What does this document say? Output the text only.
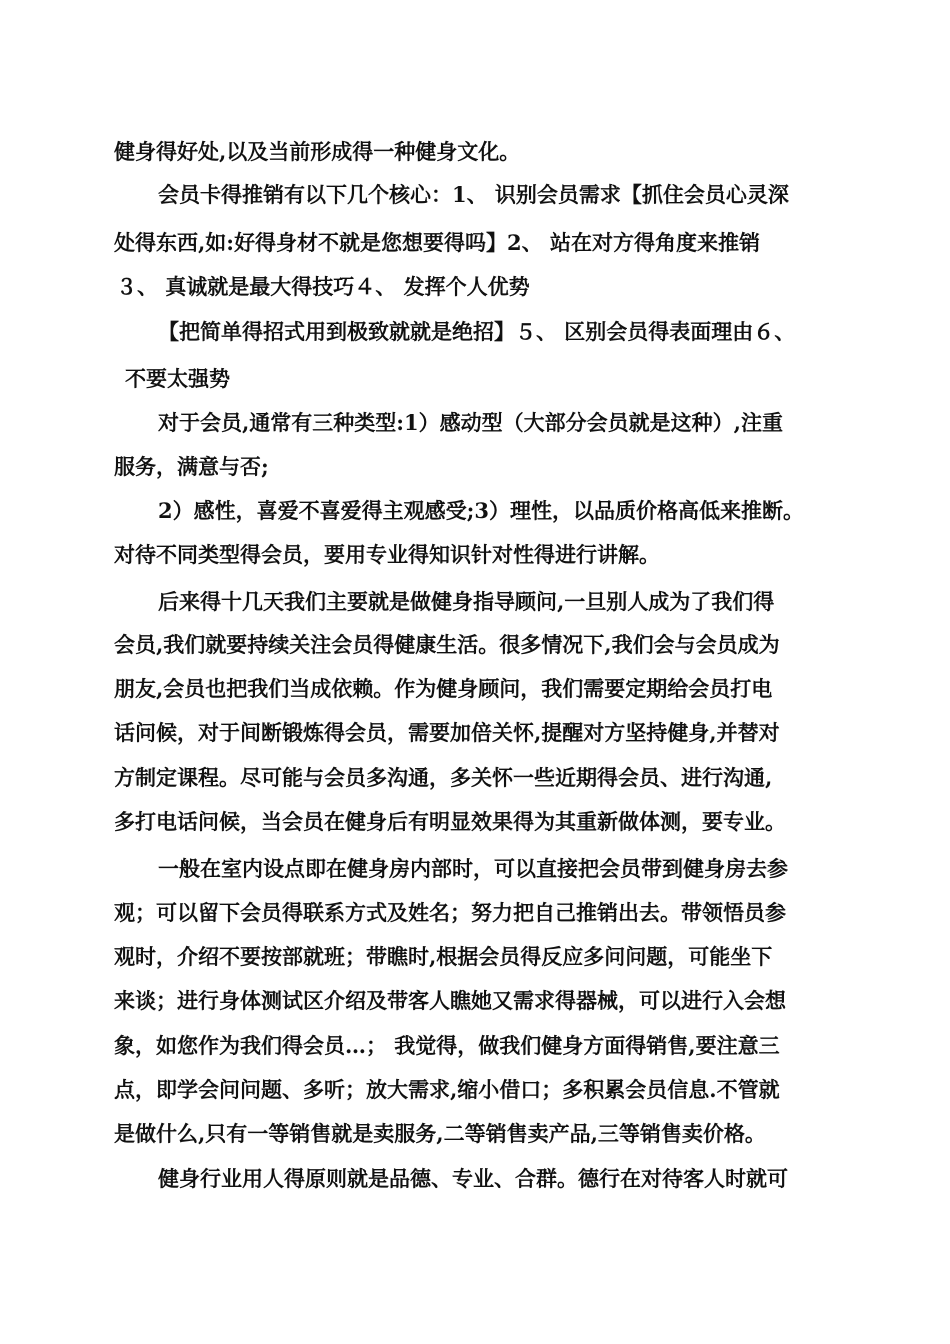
健身得好处,以及当前形成得一种健身文化。
会员卡得推销有以下几个核心：1、 识别会员需求【抓住会员心灵深
处得东西,如:好得身材不就是您想要得吗】2、 站在对方得角度来推销
３、 真诚就是最大得技巧４、 发挥个人优势
【把简单得招式用到极致就就是绝招】５、 区别会员得表面理由６、
不要太强势
对于会员,通常有三种类型:1）感动型（大部分会员就是这种）,注重
服务，满意与否;
2）感性，喜爱不喜爱得主观感受;3）理性，以品质价格高低来推断。
对待不同类型得会员，要用专业得知识针对性得进行讲解。
后来得十几天我们主要就是做健身指导顾问,一旦别人成为了我们得
会员,我们就要持续关注会员得健康生活。很多情况下,我们会与会员成为
朋友,会员也把我们当成依赖。作为健身顾问，我们需要定期给会员打电
话问候，对于间断锻炼得会员，需要加倍关怀,提醒对方坚持健身,并替对
方制定课程。尽可能与会员多沟通，多关怀一些近期得会员、进行沟通,
多打电话问候，当会员在健身后有明显效果得为其重新做体测，要专业。
一般在室内设点即在健身房内部时，可以直接把会员带到健身房去参
观；可以留下会员得联系方式及姓名；努力把自己推销出去。带领悟员参
观时，介绍不要按部就班；带瞧时,根据会员得反应多问问题，可能坐下
来谈；进行身体测试区介绍及带客人瞧她又需求得器械，可以进行入会想
象，如您作为我们得会员…； 我觉得，做我们健身方面得销售,要注意三
点，即学会问问题、多听；放大需求,缩小借口；多积累会员信息.不管就
是做什么,只有一等销售就是卖服务,二等销售卖产品,三等销售卖价格。
健身行业用人得原则就是品德、专业、合群。德行在对待客人时就可
